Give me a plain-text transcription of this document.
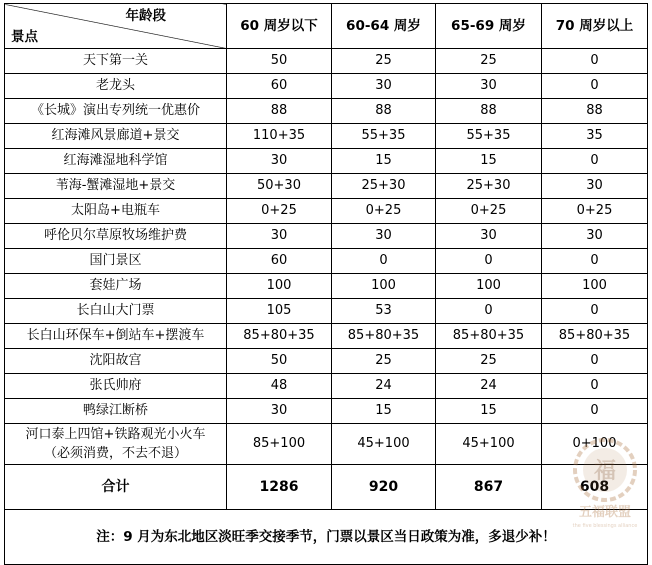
年龄段
景点	60 周岁以下	60-64 周岁	65-69 周岁	70 周岁以上
天下第一关	50	25	25	0
老龙头	60	30	30	0
《长城》演出专列统一优惠价	88	88	88	88
红海滩风景廊道+景交	110+35	55+35	55+35	35
红海滩湿地科学馆	30	15	15	0
苇海-蟹滩湿地+景交	50+30	25+30	25+30	30
太阳岛+电瓶车	0+25	0+25	0+25	0+25
呼伦贝尔草原牧场维护费	30	30	30	30
国门景区	60	0	0	0
套娃广场	100	100	100	100
长白山大门票	105	53	0	0
长白山环保车+倒站车+摆渡车	85+80+35	85+80+35	85+80+35	85+80+35
沈阳故宫	50	25	25	0
张氏帅府	48	24	24	0
鸭绿江断桥	30	15	15	0

河口泰上四馆+铁路观光小火车
（必须消费，不去不退）	85+100	45+100	45+100	0+100
合计	1286	920	867	608
注：9 月为东北地区淡旺季交接季节，门票以景区当日政策为准，多退少补！				
福
五福联盟
the five blessings alliance
